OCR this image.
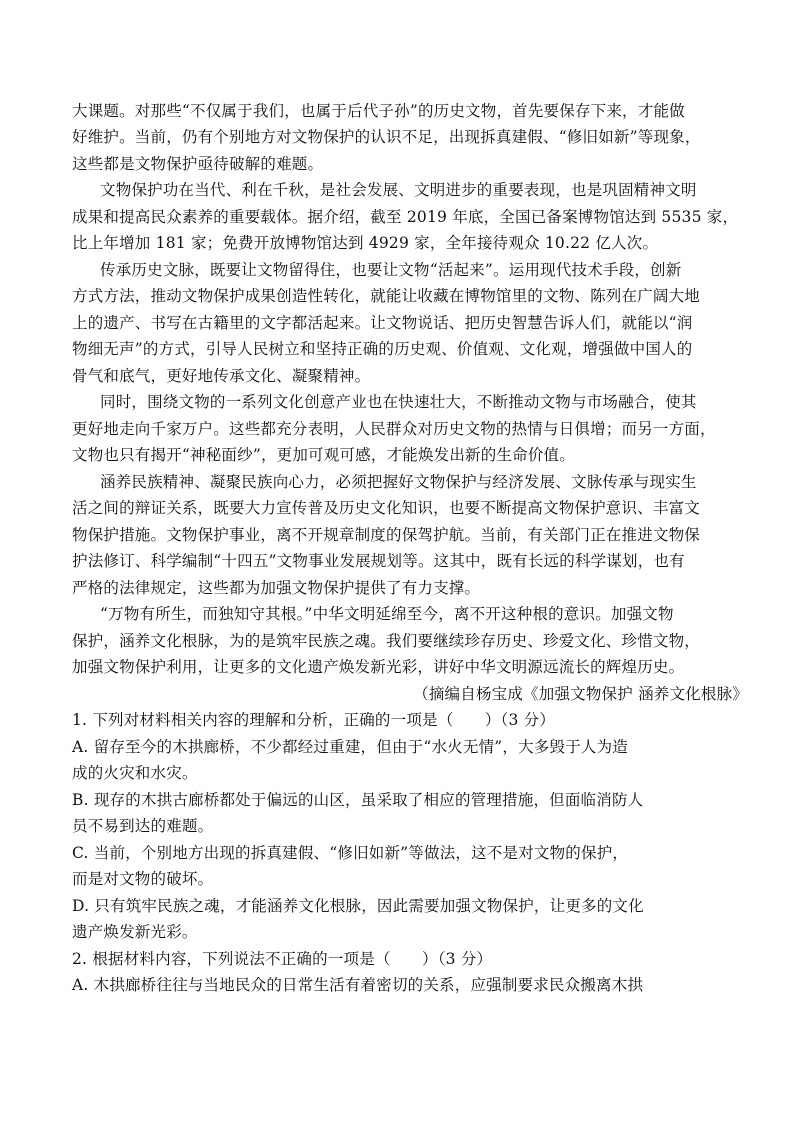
大课题。对那些“不仅属于我们，也属于后代子孙”的历史文物，首先要保存下来，才能做
好维护。当前，仍有个别地方对文物保护的认识不足，出现拆真建假、“修旧如新”等现象，
这些都是文物保护亟待破解的难题。
文物保护功在当代、利在千秋，是社会发展、文明进步的重要表现，也是巩固精神文明
成果和提高民众素养的重要载体。据介绍，截至 2019 年底，全国已备案博物馆达到 5535 家，
比上年增加 181 家；免费开放博物馆达到 4929 家，全年接待观众 10.22 亿人次。
传承历史文脉，既要让文物留得住，也要让文物“活起来”。运用现代技术手段，创新
方式方法，推动文物保护成果创造性转化，就能让收藏在博物馆里的文物、陈列在广阔大地
上的遗产、书写在古籍里的文字都活起来。让文物说话、把历史智慧告诉人们，就能以“润
物细无声”的方式，引导人民树立和坚持正确的历史观、价值观、文化观，增强做中国人的
骨气和底气，更好地传承文化、凝聚精神。
同时，围绕文物的一系列文化创意产业也在快速壮大，不断推动文物与市场融合，使其
更好地走向千家万户。这些都充分表明，人民群众对历史文物的热情与日俱增；而另一方面，
文物也只有揭开“神秘面纱”，更加可观可感，才能焕发出新的生命价值。
涵养民族精神、凝聚民族向心力，必须把握好文物保护与经济发展、文脉传承与现实生
活之间的辩证关系，既要大力宣传普及历史文化知识，也要不断提高文物保护意识、丰富文
物保护措施。文物保护事业，离不开规章制度的保驾护航。当前，有关部门正在推进文物保
护法修订、科学编制“十四五”文物事业发展规划等。这其中，既有长远的科学谋划，也有
严格的法律规定，这些都为加强文物保护提供了有力支撑。
“万物有所生，而独知守其根。”中华文明延绵至今，离不开这种根的意识。加强文物
保护，涵养文化根脉，为的是筑牢民族之魂。我们要继续珍存历史、珍爱文化、珍惜文物，
加强文物保护利用，让更多的文化遗产焕发新光彩，讲好中华文明源远流长的辉煌历史。
（摘编自杨宝成《加强文物保护 涵养文化根脉》
1. 下列对材料相关内容的理解和分析，正确的一项是（　　）（3 分）
A. 留存至今的木拱廊桥，不少都经过重建，但由于“水火无情”，大多毁于人为造
成的火灾和水灾。
B. 现存的木拱古廊桥都处于偏远的山区，虽采取了相应的管理措施，但面临消防人
员不易到达的难题。
C. 当前，个别地方出现的拆真建假、“修旧如新”等做法，这不是对文物的保护，
而是对文物的破坏。
D. 只有筑牢民族之魂，才能涵养文化根脉，因此需要加强文物保护，让更多的文化
遗产焕发新光彩。
2. 根据材料内容，下列说法不正确的一项是（　　）（3 分）
A. 木拱廊桥往往与当地民众的日常生活有着密切的关系，应强制要求民众搬离木拱
